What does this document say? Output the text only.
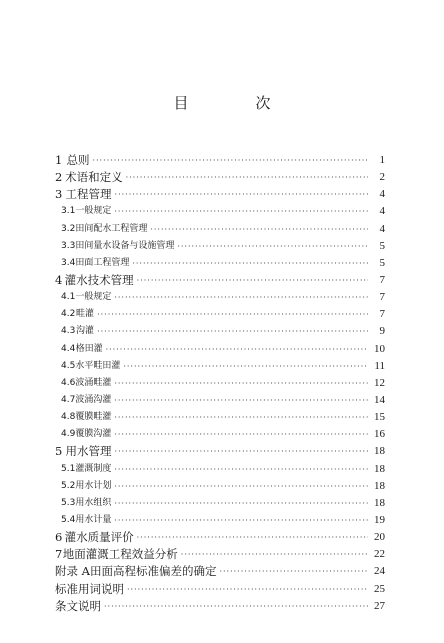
目　次
1 总则 ·····	1
2 术语和定义 ·····	2
3 工程管理 ·····	4
3.1 一般规定 ·····	4
3.2 田间配水工程管理 ·····	4
3.3 田间量水设备与设施管理 ·····	5
3.4 田面工程管理 ·····	5
4 灌水技术管理 ·····	7
4.1 一般规定 ·····	7
4.2 畦灌 ·····	7
4.3 沟灌 ·····	9
4.4 格田灌 ·····	10
4.5 水平畦田灌 ·····	11
4.6 波涌畦灌 ·····	12
4.7 波涌沟灌 ·····	14
4.8 覆膜畦灌 ·····	15
4.9 覆膜沟灌 ·····	16
5 用水管理 ·····	18
5.1 灌溉制度 ·····	18
5.2 用水计划 ·····	18
5.3 用水组织 ·····	18
5.4 用水计量 ·····	19
6 灌水质量评价 ·····	20
7 地面灌溉工程效益分析 ·····	22
附录 A 田面高程标准偏差的确定 ·····	24
标准用词说明 ·····	25
条文说明 ·····	27
